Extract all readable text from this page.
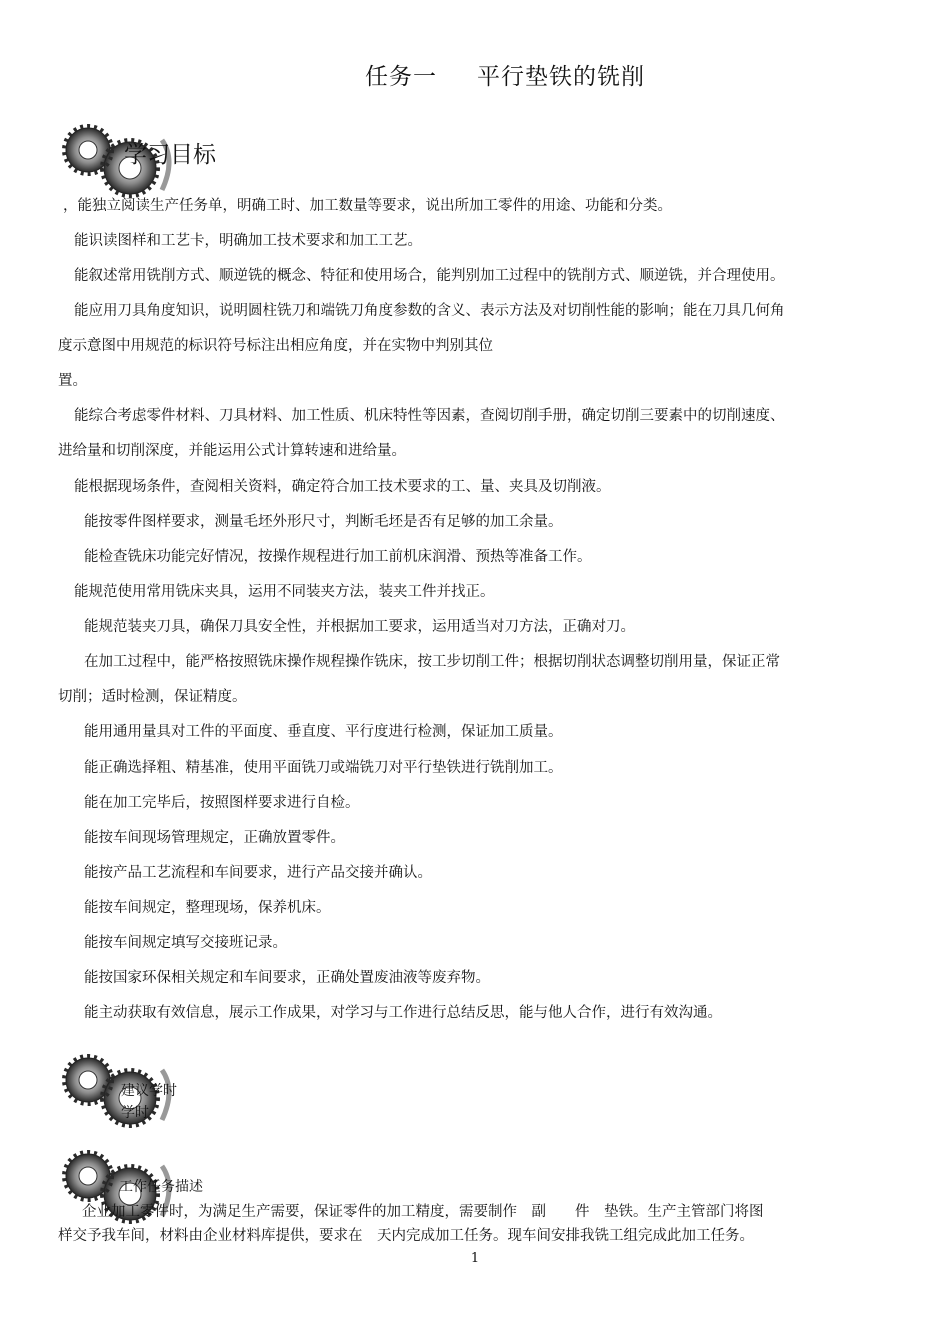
任务一 平行垫铁的铣削
学习目标

，能独立阅读生产任务单，明确工时、加工数量等要求，说出所加工零件的用途、功能和分类。

能识读图样和工艺卡，明确加工技术要求和加工工艺。

能叙述常用铣削方式、顺逆铣的概念、特征和使用场合，能判别加工过程中的铣削方式、顺逆铣，并合理使用。

能应用刀具角度知识，说明圆柱铣刀和端铣刀角度参数的含义、表示方法及对切削性能的影响；能在刀具几何角

度示意图中用规范的标识符号标注出相应角度，并在实物中判别其位

置。

能综合考虑零件材料、刀具材料、加工性质、机床特性等因素，查阅切削手册，确定切削三要素中的切削速度、

进给量和切削深度，并能运用公式计算转速和进给量。

能根据现场条件，查阅相关资料，确定符合加工技术要求的工、量、夹具及切削液。

能按零件图样要求，测量毛坯外形尺寸，判断毛坯是否有足够的加工余量。

能检查铣床功能完好情况，按操作规程进行加工前机床润滑、预热等准备工作。

能规范使用常用铣床夹具，运用不同装夹方法，装夹工件并找正。

能规范装夹刀具，确保刀具安全性，并根据加工要求，运用适当对刀方法，正确对刀。

在加工过程中，能严格按照铣床操作规程操作铣床，按工步切削工件；根据切削状态调整切削用量，保证正常

切削；适时检测，保证精度。

能用通用量具对工件的平面度、垂直度、平行度进行检测，保证加工质量。

能正确选择粗、精基准，使用平面铣刀或端铣刀对平行垫铁进行铣削加工。

能在加工完毕后，按照图样要求进行自检。

能按车间现场管理规定，正确放置零件。

能按产品工艺流程和车间要求，进行产品交接并确认。

能按车间规定，整理现场，保养机床。

能按车间规定填写交接班记录。

能按国家环保相关规定和车间要求，正确处置废油液等废弃物。

能主动获取有效信息，展示工作成果，对学习与工作进行总结反思，能与他人合作，进行有效沟通。

建议学时

学时

工作任务描述

企业加工零件时，为满足生产需要，保证零件的加工精度，需要制作　副　　件　垫铁。生产主管部门将图

样交予我车间，材料由企业材料库提供，要求在　天内完成加工任务。现车间安排我铣工组完成此加工任务。

1
